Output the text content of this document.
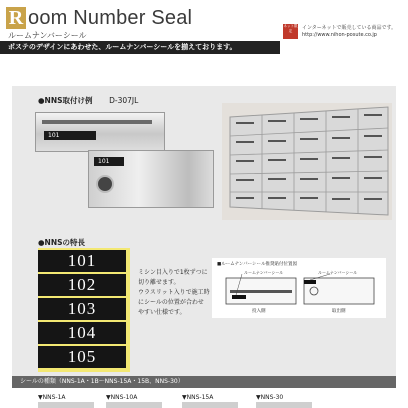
R oom Number Seal
ルームナンバーシール
ポステのデザインにあわせた、ルームナンバーシールを揃えております。
ネット限定	インターネットで販売している商品です。
http://www.nihon-posute.co.jp
●NNS取付け例 D-307JL
101
101
●NNSの特長
101
102
103
104
105
ミシン目入りで1枚ずつに
切り離せます。
ウラスリット入りで施工時
にシールの位置が合わせ
やすい仕様です。
■ルームナンバーシール推奨貼付位置図
ルームナンバーシール	ルームナンバーシール
投入側	取出側
シールの種類（NNS-1A・1B〜NNS-15A・15B、NNS-30）
▼NNS-1A	▼NNS-10A	▼NNS-15A	▼NNS-30
